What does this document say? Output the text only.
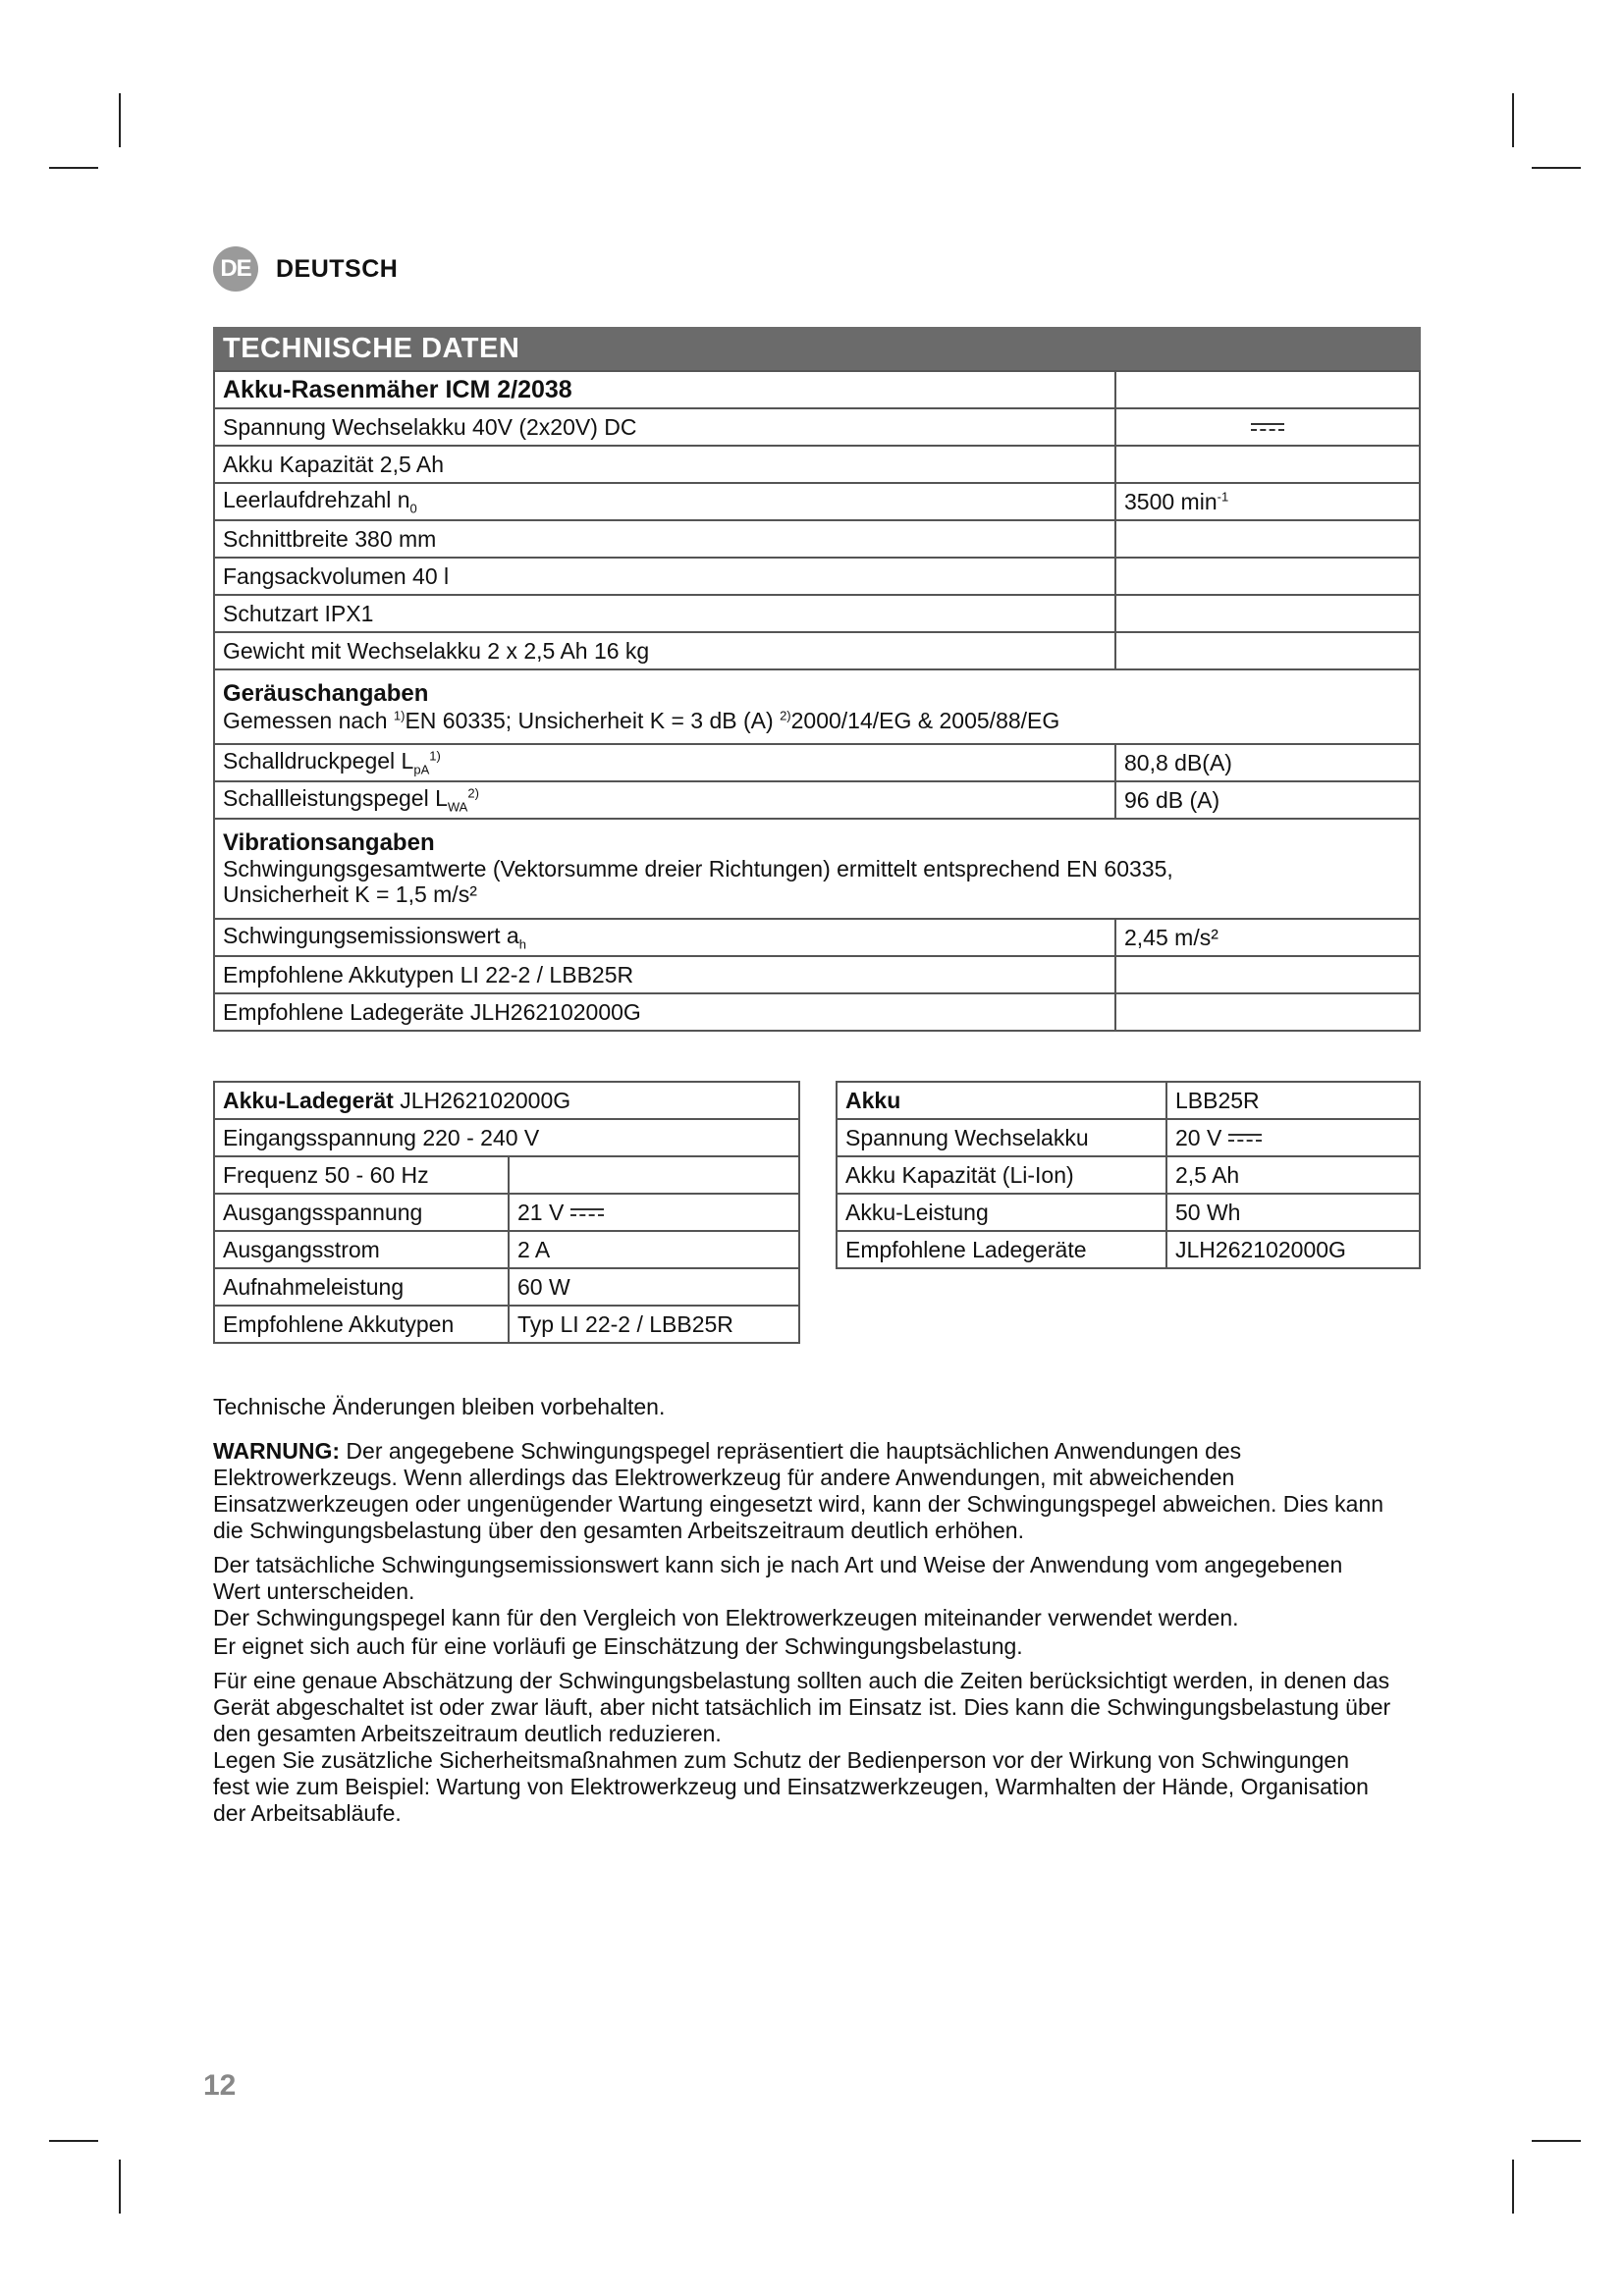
DE DEUTSCH
TECHNISCHE DATEN
Akku-Rasenmäher ICM 2/2038	
Spannung Wechselakku 40V (2x20V) DC	
Akku Kapazität 2,5 Ah	
Leerlaufdrehzahl $n_0$	3500 $\min^{-1}$
Schnittbreite 380 mm	
Fangsackvolumen 40 l	
Schutzart IPX1	
Gewicht mit Wechselakku 2 x 2,5 Ah 16 kg	

Geräuschangaben
Gemessen nach $^{1)}$EN 60335; Unsicherheit K = 3 dB (A) $^{2)}$2000/14/EG & 2005/88/EG	

Schalldruckpegel $L_{pA}^{1)}$	80,8 dB(A)
Schallleistungspegel $L_{WA}^{2)}$	96 dB (A)

Vibrationsangaben
Schwingungsgesamtwerte (Vektorsumme dreier Richtungen) ermittelt entsprechend EN 60335,
Unsicherheit K = 1,5 m/s²	

Schwingungsemissionswert $a_h$	2,45 m/s²
Empfohlene Akkutypen LI 22-2 / LBB25R	
Empfohlene Ladegeräte JLH262102000G	
Akku-Ladegerät JLH262102000G	
Eingangsspannung 220 - 240 V	
Frequenz 50 - 60 Hz	
Ausgangsspannung	21 V
Ausgangsstrom	2 A
Aufnahmeleistung	60 W
Empfohlene Akkutypen	Typ LI 22-2 / LBB25R
Akku	LBB25R
Spannung Wechselakku	20 V
Akku Kapazität (Li-Ion)	2,5 Ah
Akku-Leistung	50 Wh
Empfohlene Ladegeräte	JLH262102000G

Technische Änderungen bleiben vorbehalten.

WARNUNG: Der angegebene Schwingungspegel repräsentiert die hauptsächlichen Anwendungen des Elektrowerkzeugs. Wenn allerdings das Elektrowerkzeug für andere Anwendungen, mit abweichenden Einsatzwerkzeugen oder ungenügender Wartung eingesetzt wird, kann der Schwingungspegel abweichen. Dies kann die Schwingungsbelastung über den gesamten Arbeitszeitraum deutlich erhöhen.

Der tatsächliche Schwingungsemissionswert kann sich je nach Art und Weise der Anwendung vom angegebenen Wert unterscheiden.

Der Schwingungspegel kann für den Vergleich von Elektrowerkzeugen miteinander verwendet werden.

Er eignet sich auch für eine vorläufi ge Einschätzung der Schwingungsbelastung.

Für eine genaue Abschätzung der Schwingungsbelastung sollten auch die Zeiten berücksichtigt werden, in denen das Gerät abgeschaltet ist oder zwar läuft, aber nicht tatsächlich im Einsatz ist. Dies kann die Schwingungsbelastung über den gesamten Arbeitszeitraum deutlich reduzieren.

Legen Sie zusätzliche Sicherheitsmaßnahmen zum Schutz der Bedienperson vor der Wirkung von Schwingungen fest wie zum Beispiel: Wartung von Elektrowerkzeug und Einsatzwerkzeugen, Warmhalten der Hände, Organisation der Arbeitsabläufe.

12
